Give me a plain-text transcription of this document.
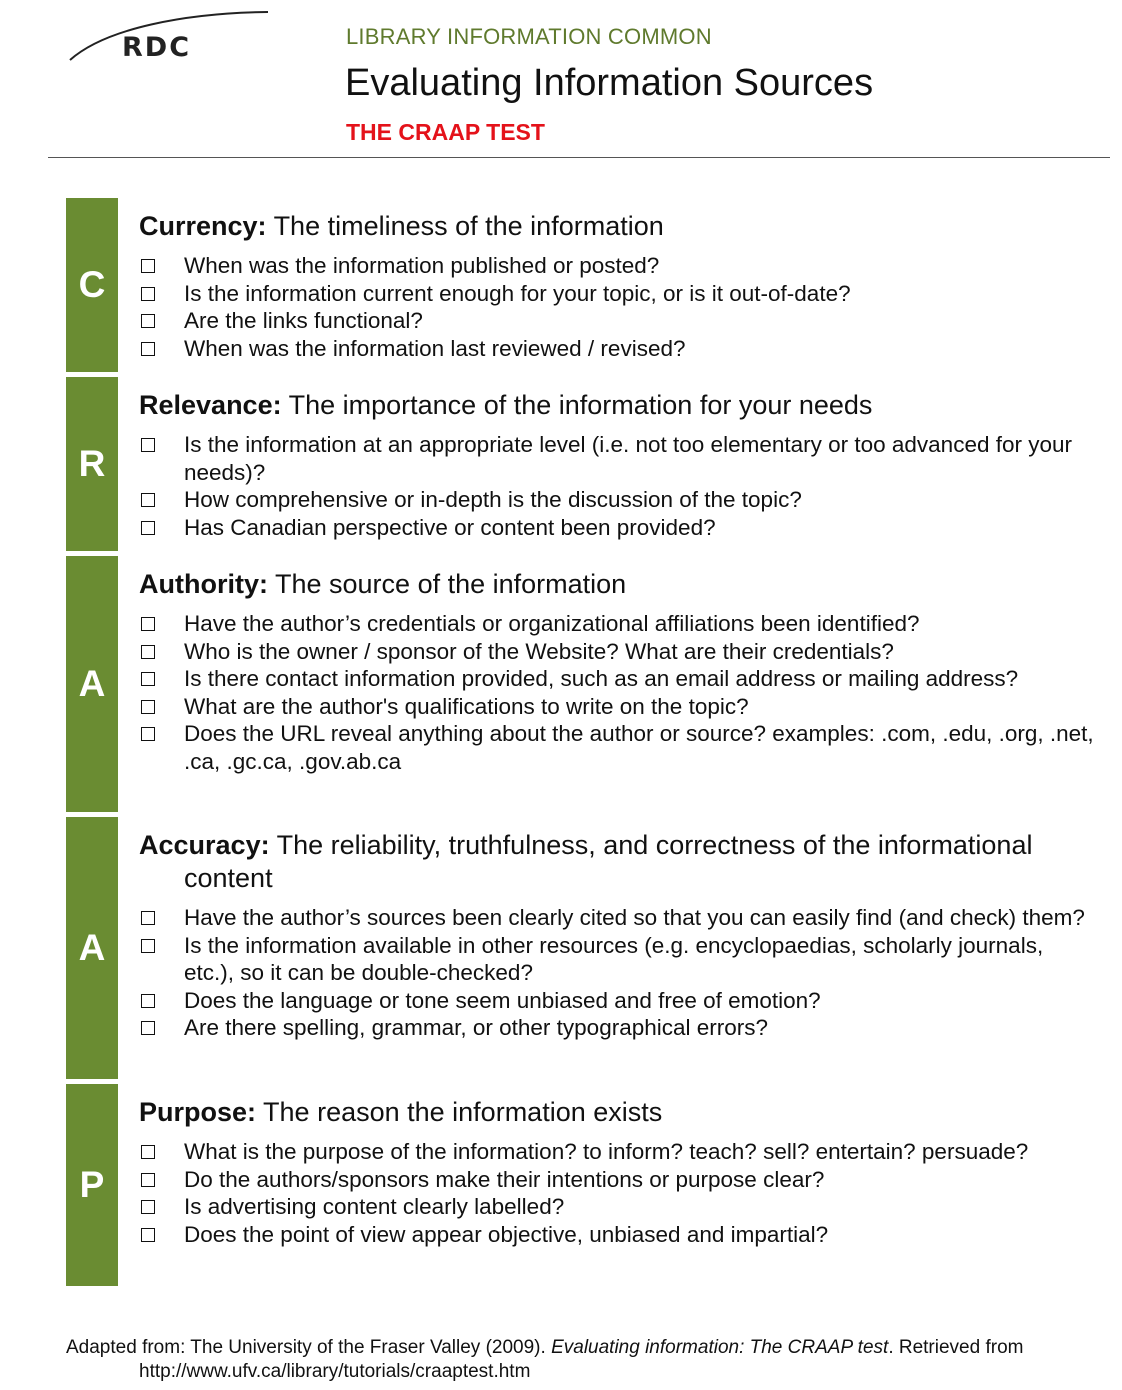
RDC	LIBRARY INFORMATION COMMON
Evaluating Information Sources
THE CRAAP TEST
C
Currency: The timeliness of the information
When was the information published or posted?
Is the information current enough for your topic, or is it out-of-date?
Are the links functional?
When was the information last reviewed / revised?
R
Relevance: The importance of the information for your needs
Is the information at an appropriate level (i.e. not too elementary or too advanced for your needs)?
How comprehensive or in-depth is the discussion of the topic?
Has Canadian perspective or content been provided?
A
Authority: The source of the information
Have the author’s credentials or organizational affiliations been identified?
Who is the owner / sponsor of the Website? What are their credentials?
Is there contact information provided, such as an email address or mailing address?
What are the author's qualifications to write on the topic?
Does the URL reveal anything about the author or source? examples: .com, .edu, .org, .net, .ca, .gc.ca, .gov.ab.ca
A
Accuracy: The reliability, truthfulness, and correctness of the informational content
Have the author’s sources been clearly cited so that you can easily find (and check) them?
Is the information available in other resources (e.g. encyclopaedias, scholarly journals, etc.), so it can be double-checked?
Does the language or tone seem unbiased and free of emotion?
Are there spelling, grammar, or other typographical errors?
P
Purpose: The reason the information exists
What is the purpose of the information? to inform? teach? sell? entertain? persuade?
Do the authors/sponsors make their intentions or purpose clear?
Is advertising content clearly labelled?
Does the point of view appear objective, unbiased and impartial?
Adapted from: The University of the Fraser Valley (2009). Evaluating information: The CRAAP test. Retrieved from
http://www.ufv.ca/library/tutorials/craaptest.htm
